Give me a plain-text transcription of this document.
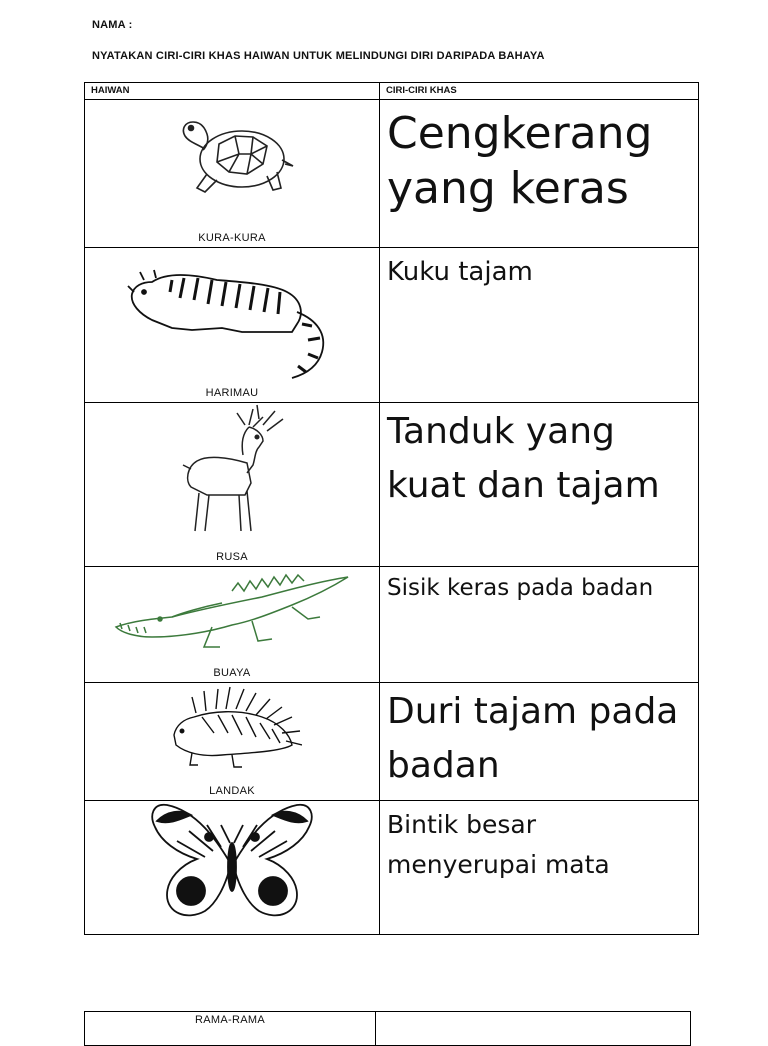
NAMA :
NYATAKAN CIRI-CIRI KHAS HAIWAN UNTUK MELINDUNGI DIRI DARIPADA BAHAYA
HAIWAN	CIRI-CIRI KHAS

KURA-KURA	Cengkerang yang keras

HARIMAU	Kuku tajam

RUSA	Tanduk yang kuat dan tajam

BUAYA	Sisik keras pada badan

LANDAK	Duri tajam pada badan

	Bintik besar menyerupai mata
RAMA-RAMA	
